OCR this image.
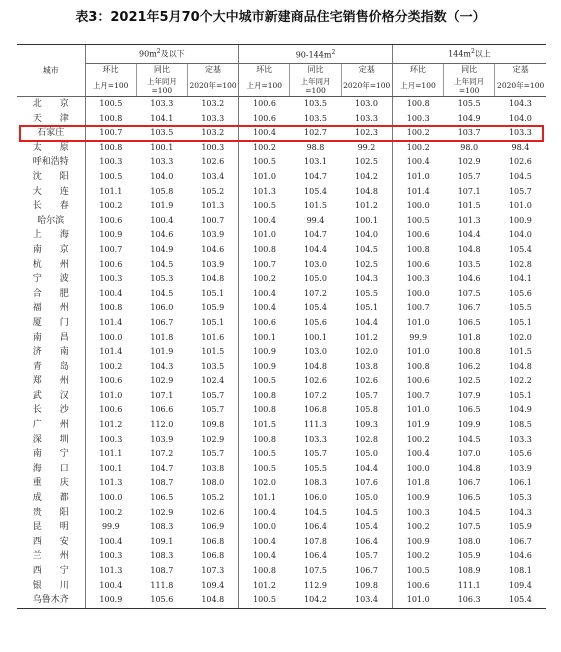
表3：2021年5月70个大中城市新建商品住宅销售价格分类指数（一）
城市	$90m^2$及以下			$90-144m^2$			$144m^2$以上		
	环比	同比	定基	环比	同比	定基	环比	同比	定基
	上月=100	上年同月=100	2020年=100	上月=100	上年同月=100	2020年=100	上月=100	上年同月=100	2020年=100
北　　京	100.5	103.3	103.2	100.6	103.5	103.0	100.8	105.5	104.3
天　　津	100.8	104.1	103.3	100.6	103.5	103.3	100.3	104.9	104.0
石家庄	100.7	103.5	103.2	100.4	102.7	102.3	100.2	103.7	103.3
太　　原	100.8	100.1	100.3	100.2	98.8	99.2	100.2	98.0	98.4
呼和浩特	100.3	103.3	102.6	100.5	103.1	102.5	100.4	102.9	102.6
沈　　阳	100.5	104.0	103.4	101.0	104.7	104.2	101.0	105.7	104.5
大　　连	101.1	105.8	105.2	101.3	105.4	104.8	101.4	107.1	105.7
长　　春	100.2	101.9	101.3	100.5	101.5	101.2	100.0	101.5	101.0
哈尔滨	100.6	100.4	100.7	100.4	99.4	100.1	100.5	101.3	100.9
上　　海	100.9	104.6	103.9	101.0	104.7	104.0	100.6	104.4	104.0
南　　京	100.7	104.9	104.6	100.8	104.4	104.5	100.8	104.8	105.4
杭　　州	100.6	104.5	103.9	100.7	103.0	102.5	100.6	103.5	102.8
宁　　波	100.3	105.3	104.8	100.2	105.0	104.3	100.3	104.6	104.1
合　　肥	100.4	104.5	105.1	100.4	107.2	105.5	100.0	107.5	105.6
福　　州	100.8	106.0	105.9	100.4	105.4	105.1	100.7	106.7	105.5
厦　　门	101.4	106.7	105.1	100.6	105.6	104.4	101.0	106.5	105.1
南　　昌	100.0	101.8	101.6	100.1	100.1	101.2	99.9	101.8	102.0
济　　南	101.4	101.9	101.5	100.9	103.0	102.0	101.0	100.8	101.5
青　　岛	100.2	104.3	103.5	100.9	104.8	103.8	100.8	106.2	104.8
郑　　州	100.6	102.9	102.4	100.5	102.6	102.6	100.6	102.5	102.2
武　　汉	101.0	107.1	105.7	100.8	107.2	105.7	100.7	107.9	105.1
长　　沙	100.6	106.6	105.7	100.8	106.8	105.8	101.0	106.5	104.9
广　　州	101.2	112.0	109.8	101.5	111.3	109.3	101.9	109.9	108.5
深　　圳	100.3	103.9	102.9	100.8	103.3	102.8	100.2	104.5	103.3
南　　宁	101.1	107.2	105.7	100.5	105.7	105.0	100.4	107.0	105.6
海　　口	100.1	104.7	103.8	100.5	105.5	104.4	100.0	104.8	103.9
重　　庆	101.3	108.7	108.0	102.0	108.3	107.6	101.8	106.7	106.1
成　　都	100.0	106.5	105.2	101.1	106.0	105.0	100.9	106.5	105.3
贵　　阳	100.2	102.9	102.6	100.4	104.5	104.5	100.3	104.5	104.3
昆　　明	99.9	108.3	106.9	100.0	106.4	105.4	100.2	107.5	105.9
西　　安	100.4	109.1	106.8	100.4	107.8	106.4	100.9	108.0	106.7
兰　　州	100.3	108.3	106.8	100.4	106.4	105.7	100.2	105.9	104.6
西　　宁	101.3	108.7	107.3	100.8	107.5	106.7	100.5	108.9	108.1
银　　川	100.4	111.8	109.4	101.2	112.9	109.8	100.6	111.1	109.4
乌鲁木齐	100.9	105.6	104.8	100.5	104.2	103.4	101.0	106.3	105.4
